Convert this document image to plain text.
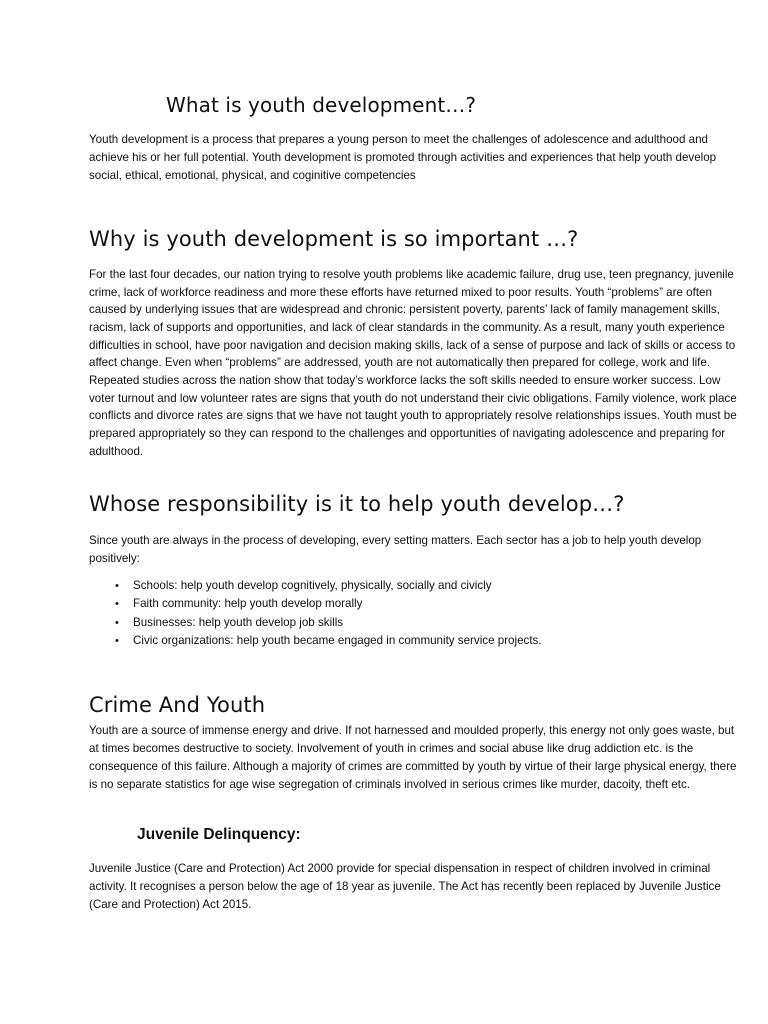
What is youth development…?

Youth development is a process that prepares a young person to meet the challenges of adolescence and adulthood and achieve his or her full potential. Youth development is promoted through activities and experiences that help youth develop social, ethical, emotional, physical, and coginitive competencies

Why is youth development is so important …?

For the last four decades, our nation trying to resolve youth problems like academic failure, drug use, teen pregnancy, juvenile crime, lack of workforce readiness and more these efforts have returned mixed to poor results. Youth “problems” are often caused by underlying issues that are widespread and chronic: persistent poverty, parents’ lack of family management skills, racism, lack of supports and opportunities, and lack of clear standards in the community. As a result, many youth experience difficulties in school, have poor navigation and decision making skills, lack of a sense of purpose and lack of skills or access to affect change. Even when “problems” are addressed, youth are not automatically then prepared for college, work and life. Repeated studies across the nation show that today’s workforce lacks the soft skills needed to ensure worker success. Low voter turnout and low volunteer rates are signs that youth do not understand their civic obligations. Family violence, work place conflicts and divorce rates are signs that we have not taught youth to appropriately resolve relationships issues. Youth must be prepared appropriately so they can respond to the challenges and opportunities of navigating adolescence and preparing for adulthood.

Whose responsibility is it to help youth develop…?

Since youth are always in the process of developing, every setting matters. Each sector has a job to help youth develop positively:

• Schools: help youth develop cognitively, physically, socially and civicly
• Faith community: help youth develop morally
• Businesses: help youth develop job skills
• Civic organizations: help youth became engaged in community service projects.
Crime And Youth

Youth are a source of immense energy and drive. If not harnessed and moulded properly, this energy not only goes waste, but at times becomes destructive to society. Involvement of youth in crimes and social abuse like drug addiction etc. is the consequence of this failure. Although a majority of crimes are committed by youth by virtue of their large physical energy, there is no separate statistics for age wise segregation of criminals involved in serious crimes like murder, dacoity, theft etc.

Juvenile Delinquency:

Juvenile Justice (Care and Protection) Act 2000 provide for special dispensation in respect of children involved in criminal activity. It recognises a person below the age of 18 year as juvenile. The Act has recently been replaced by Juvenile Justice (Care and Protection) Act 2015.
